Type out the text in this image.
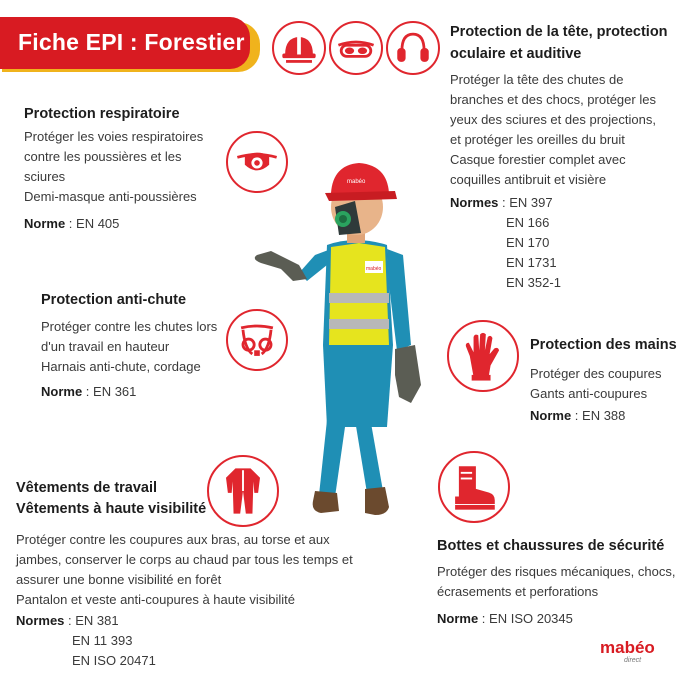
Fiche EPI : Forestier	Protection de la tête, protection
oculaire et auditive
Protéger la tête des chutes de
branches et des chocs, protéger les
yeux des sciures et des projections,
et protéger les oreilles du bruit
Casque forestier complet avec
coquilles antibruit et visière
Normes : EN 397
EN 166
EN 170
EN 1731
EN 352-1
Protection respiratoire
Protéger les voies respiratoires
contre les poussières et les
sciures
Demi-masque anti-poussières
Norme : EN 405
Protection anti-chute
Protéger contre les chutes lors
d'un travail en hauteur
Harnais anti-chute, cordage
Norme : EN 361
Protection des mains
Protéger des coupures
Gants anti-coupures
Norme : EN 388
Vêtements de travail
Vêtements à haute visibilité
Protéger contre les coupures aux bras, au torse et aux
jambes, conserver le corps au chaud par tous les temps et
assurer une bonne visibilité en forêt
Pantalon et veste anti-coupures à haute visibilité
Normes : EN 381
EN 11 393
EN ISO 20471
Bottes et chaussures de sécurité
Protéger des risques mécaniques, chocs,
écrasements et perforations
Norme : EN ISO 20345
mabéo
mabéo
mabéo
direct
